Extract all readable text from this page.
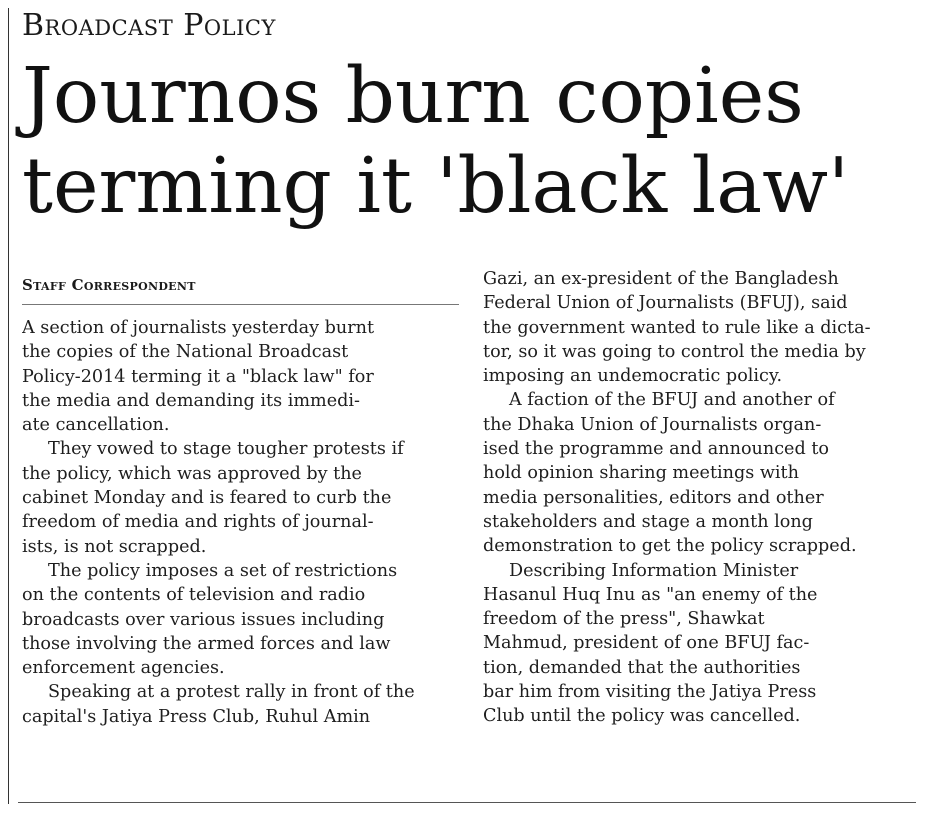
Broadcast Policy
Journos burn copies
terming it 'black law'
Staff Correspondent
A section of journalists yesterday burnt
the copies of the National Broadcast
Policy-2014 terming it a "black law" for
the media and demanding its immedi-
ate cancellation.
They vowed to stage tougher protests if
the policy, which was approved by the
cabinet Monday and is feared to curb the
freedom of media and rights of journal-
ists, is not scrapped.
The policy imposes a set of restrictions
on the contents of television and radio
broadcasts over various issues including
those involving the armed forces and law
enforcement agencies.
Speaking at a protest rally in front of the
capital's Jatiya Press Club, Ruhul Amin
Gazi, an ex-president of the Bangladesh
Federal Union of Journalists (BFUJ), said
the government wanted to rule like a dicta-
tor, so it was going to control the media by
imposing an undemocratic policy.
A faction of the BFUJ and another of
the Dhaka Union of Journalists organ-
ised the programme and announced to
hold opinion sharing meetings with
media personalities, editors and other
stakeholders and stage a month long
demonstration to get the policy scrapped.
Describing Information Minister
Hasanul Huq Inu as "an enemy of the
freedom of the press", Shawkat
Mahmud, president of one BFUJ fac-
tion, demanded that the authorities
bar him from visiting the Jatiya Press
Club until the policy was cancelled.
